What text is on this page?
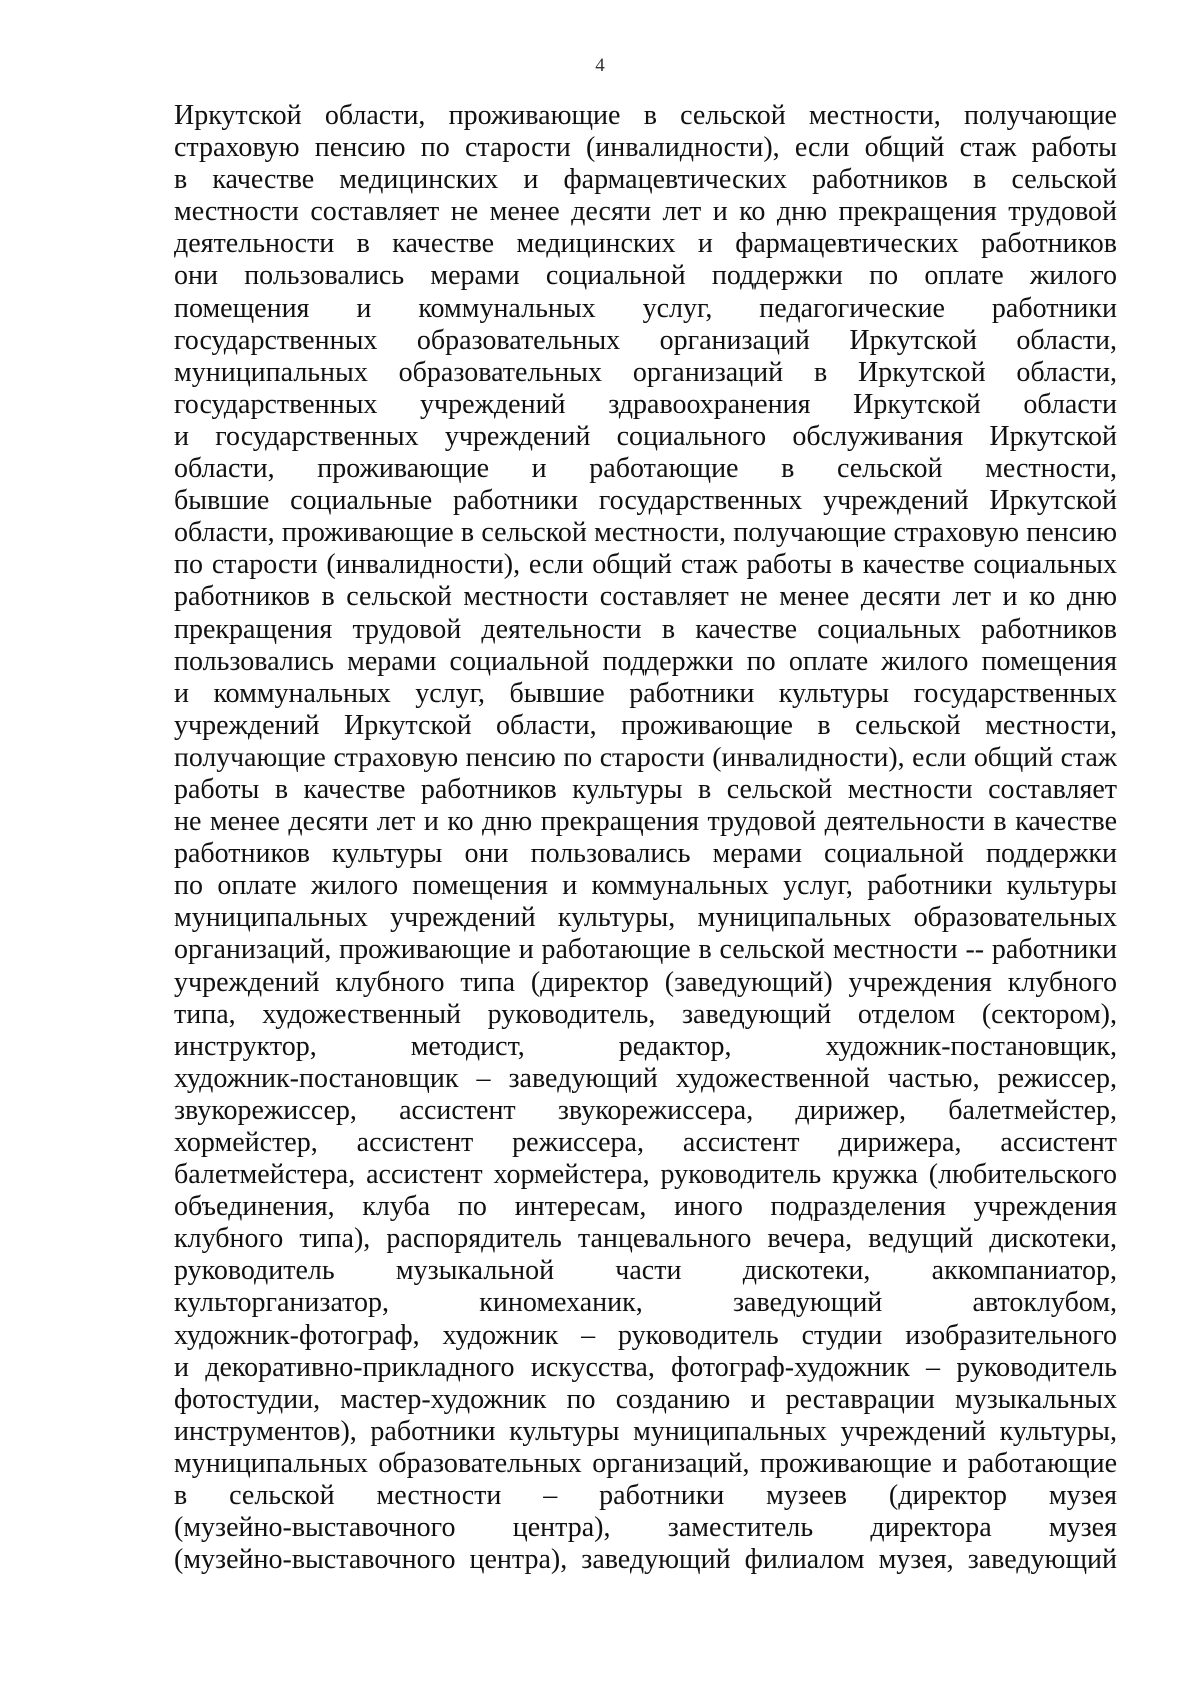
4
Иркутской области, проживающие в сельской местности, получающие
страховую пенсию по старости (инвалидности), если общий стаж работы
в качестве медицинских и фармацевтических работников в сельской
местности составляет не менее десяти лет и ко дню прекращения трудовой
деятельности в качестве медицинских и фармацевтических работников
они пользовались мерами социальной поддержки по оплате жилого
помещения и коммунальных услуг, педагогические работники
государственных образовательных организаций Иркутской области,
муниципальных образовательных организаций в Иркутской области,
государственных учреждений здравоохранения Иркутской области
и государственных учреждений социального обслуживания Иркутской
области, проживающие и работающие в сельской местности,
бывшие социальные работники государственных учреждений Иркутской
области, проживающие в сельской местности, получающие страховую пенсию
по старости (инвалидности), если общий стаж работы в качестве социальных
работников в сельской местности составляет не менее десяти лет и ко дню
прекращения трудовой деятельности в качестве социальных работников
пользовались мерами социальной поддержки по оплате жилого помещения
и коммунальных услуг, бывшие работники культуры государственных
учреждений Иркутской области, проживающие в сельской местности,
получающие страховую пенсию по старости (инвалидности), если общий стаж
работы в качестве работников культуры в сельской местности составляет
не менее десяти лет и ко дню прекращения трудовой деятельности в качестве
работников культуры они пользовались мерами социальной поддержки
по оплате жилого помещения и коммунальных услуг, работники культуры
муниципальных учреждений культуры, муниципальных образовательных
организаций, проживающие и работающие в сельской местности -- работники
учреждений клубного типа (директор (заведующий) учреждения клубного
типа, художественный руководитель, заведующий отделом (сектором),
инструктор, методист, редактор, художник-постановщик,
художник-постановщик – заведующий художественной частью, режиссер,
звукорежиссер, ассистент звукорежиссера, дирижер, балетмейстер,
хормейстер, ассистент режиссера, ассистент дирижера, ассистент
балетмейстера, ассистент хормейстера, руководитель кружка (любительского
объединения, клуба по интересам, иного подразделения учреждения
клубного типа), распорядитель танцевального вечера, ведущий дискотеки,
руководитель музыкальной части дискотеки, аккомпаниатор,
культорганизатор, киномеханик, заведующий автоклубом,
художник-фотограф, художник – руководитель студии изобразительного
и декоративно-прикладного искусства, фотограф-художник – руководитель
фотостудии, мастер-художник по созданию и реставрации музыкальных
инструментов), работники культуры муниципальных учреждений культуры,
муниципальных образовательных организаций, проживающие и работающие
в сельской местности – работники музеев (директор музея
(музейно-выставочного центра), заместитель директора музея
(музейно-выставочного центра), заведующий филиалом музея, заведующий
